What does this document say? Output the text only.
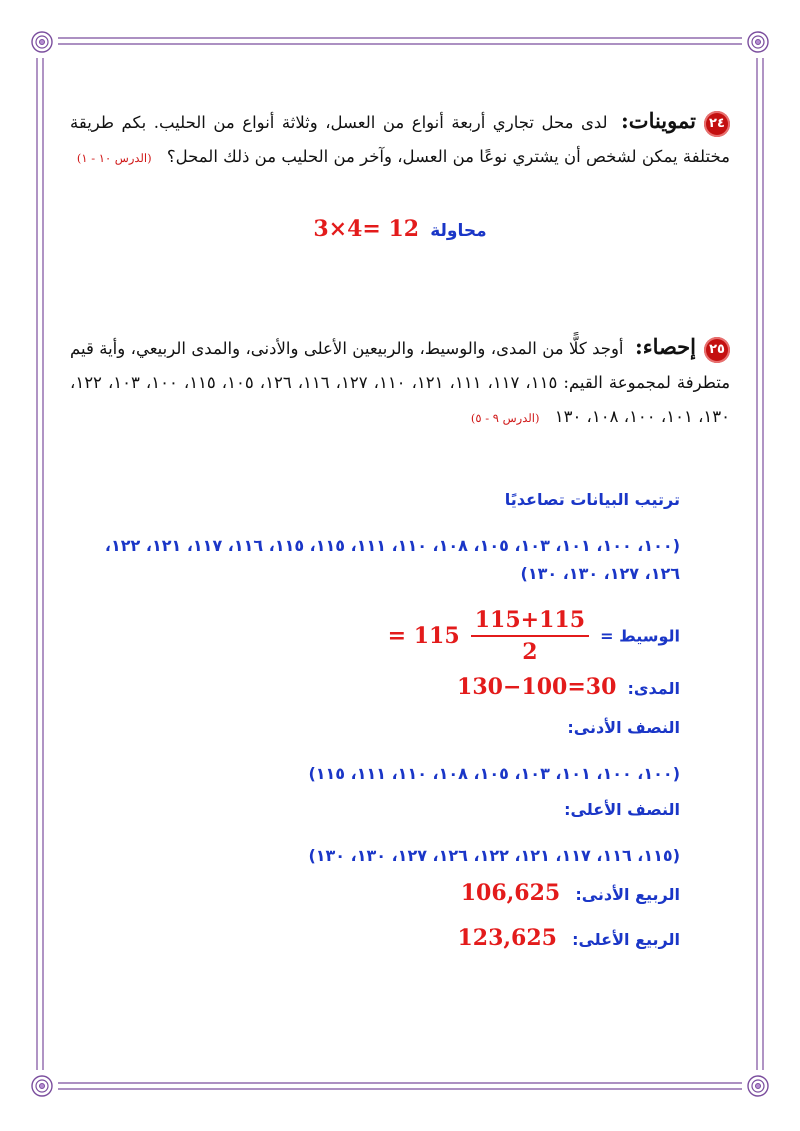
٢٤تموينات: لدى محل تجاري أربعة أنواع من العسل، وثلاثة أنواع من الحليب. بكم طريقة مختلفة يمكن لشخص أن يشتري نوعًا من العسل، وآخر من الحليب من ذلك المحل؟ (الدرس ١٠ - ١)
محاولة 3×4= 12
٢٥إحصاء: أوجد كلًّا من المدى، والوسيط، والربيعين الأعلى والأدنى، والمدى الربيعي، وأية قيم متطرفة لمجموعة القيم: ١١٥، ١١٧، ١١١، ١٢١، ١١٠، ١٢٧، ١١٦، ١٢٦، ١٠٥، ١١٥، ١٠٠، ١٠٣، ١٢٢، ١٣٠، ١٠١، ١٠٠، ١٠٨، ١٣٠ (الدرس ٩ - ٥)
ترتيب البيانات تصاعديًا
(١٠٠، ١٠٠، ١٠١، ١٠٣، ١٠٥، ١٠٨، ١١٠، ١١١، ١١٥، ١١٥، ١١٦، ١١٧، ١٢١، ١٢٢، ١٢٦، ١٢٧، ١٣٠، ١٣٠)
الوسيط =
$\frac{115+115}{2}$
= 115
المدى: 130−100=30
النصف الأدنى:
(١٠٠، ١٠٠، ١٠١، ١٠٣، ١٠٥، ١٠٨، ١١٠، ١١١، ١١٥)
النصف الأعلى:
(١١٥، ١١٦، ١١٧، ١٢١، ١٢٢، ١٢٦، ١٢٧، ١٣٠، ١٣٠)
الربيع الأدنى: 106,625
الربيع الأعلى: 123,625
